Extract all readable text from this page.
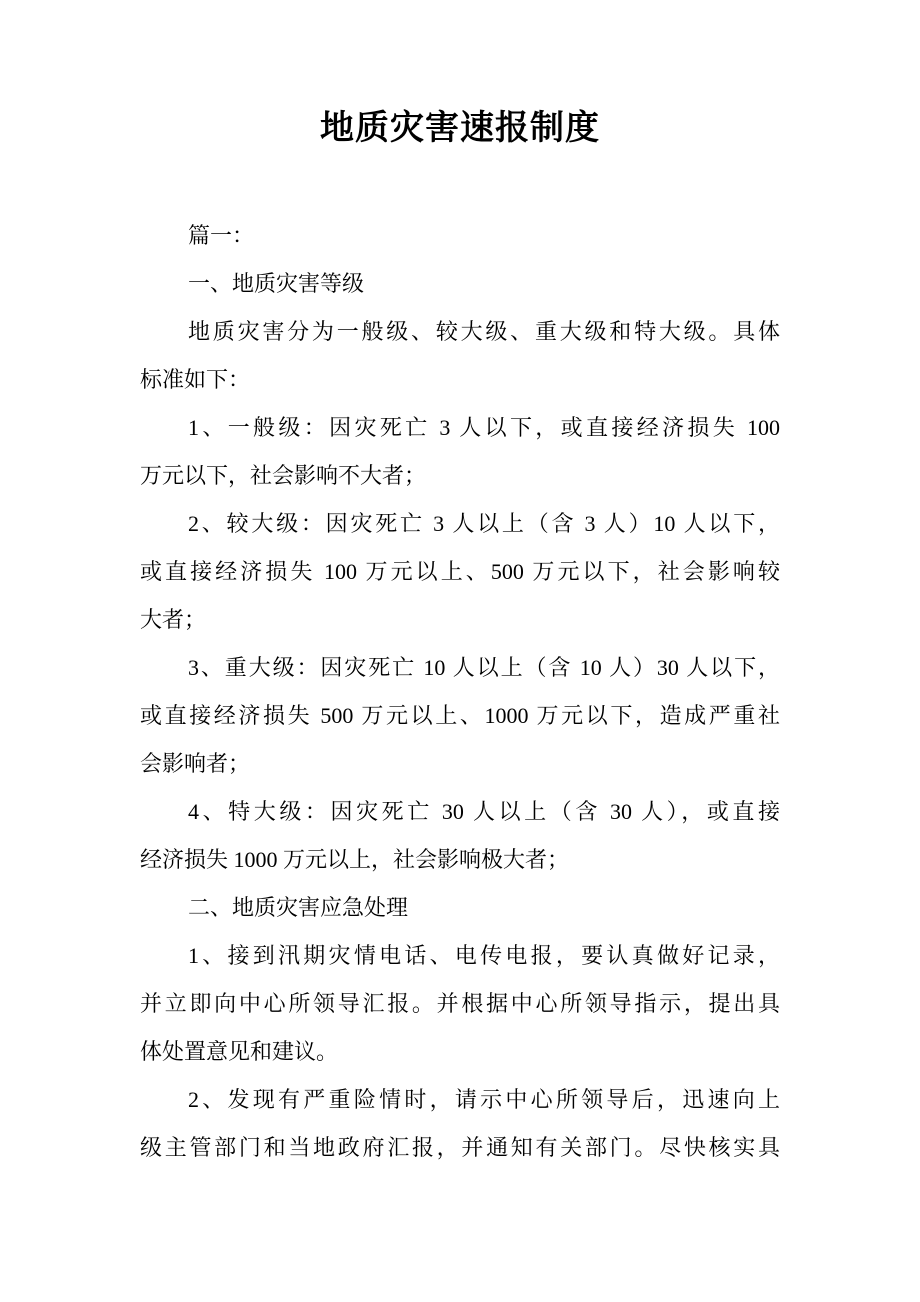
地质灾害速报制度
篇一：
一、地质灾害等级
地质灾害分为一般级、较大级、重大级和特大级。具体
标准如下：
1、一般级：因灾死亡 3 人以下，或直接经济损失 100
万元以下，社会影响不大者；
2、较大级：因灾死亡 3 人以上（含 3 人）10 人以下，
或直接经济损失 100 万元以上、500 万元以下，社会影响较
大者；
3、重大级：因灾死亡 10 人以上（含 10 人）30 人以下，
或直接经济损失 500 万元以上、1000 万元以下，造成严重社
会影响者；
4、特大级：因灾死亡 30 人以上（含 30 人），或直接
经济损失 1000 万元以上，社会影响极大者；
二、地质灾害应急处理
1、接到汛期灾情电话、电传电报，要认真做好记录，
并立即向中心所领导汇报。并根据中心所领导指示，提出具
体处置意见和建议。
2、发现有严重险情时，请示中心所领导后，迅速向上
级主管部门和当地政府汇报，并通知有关部门。尽快核实具
